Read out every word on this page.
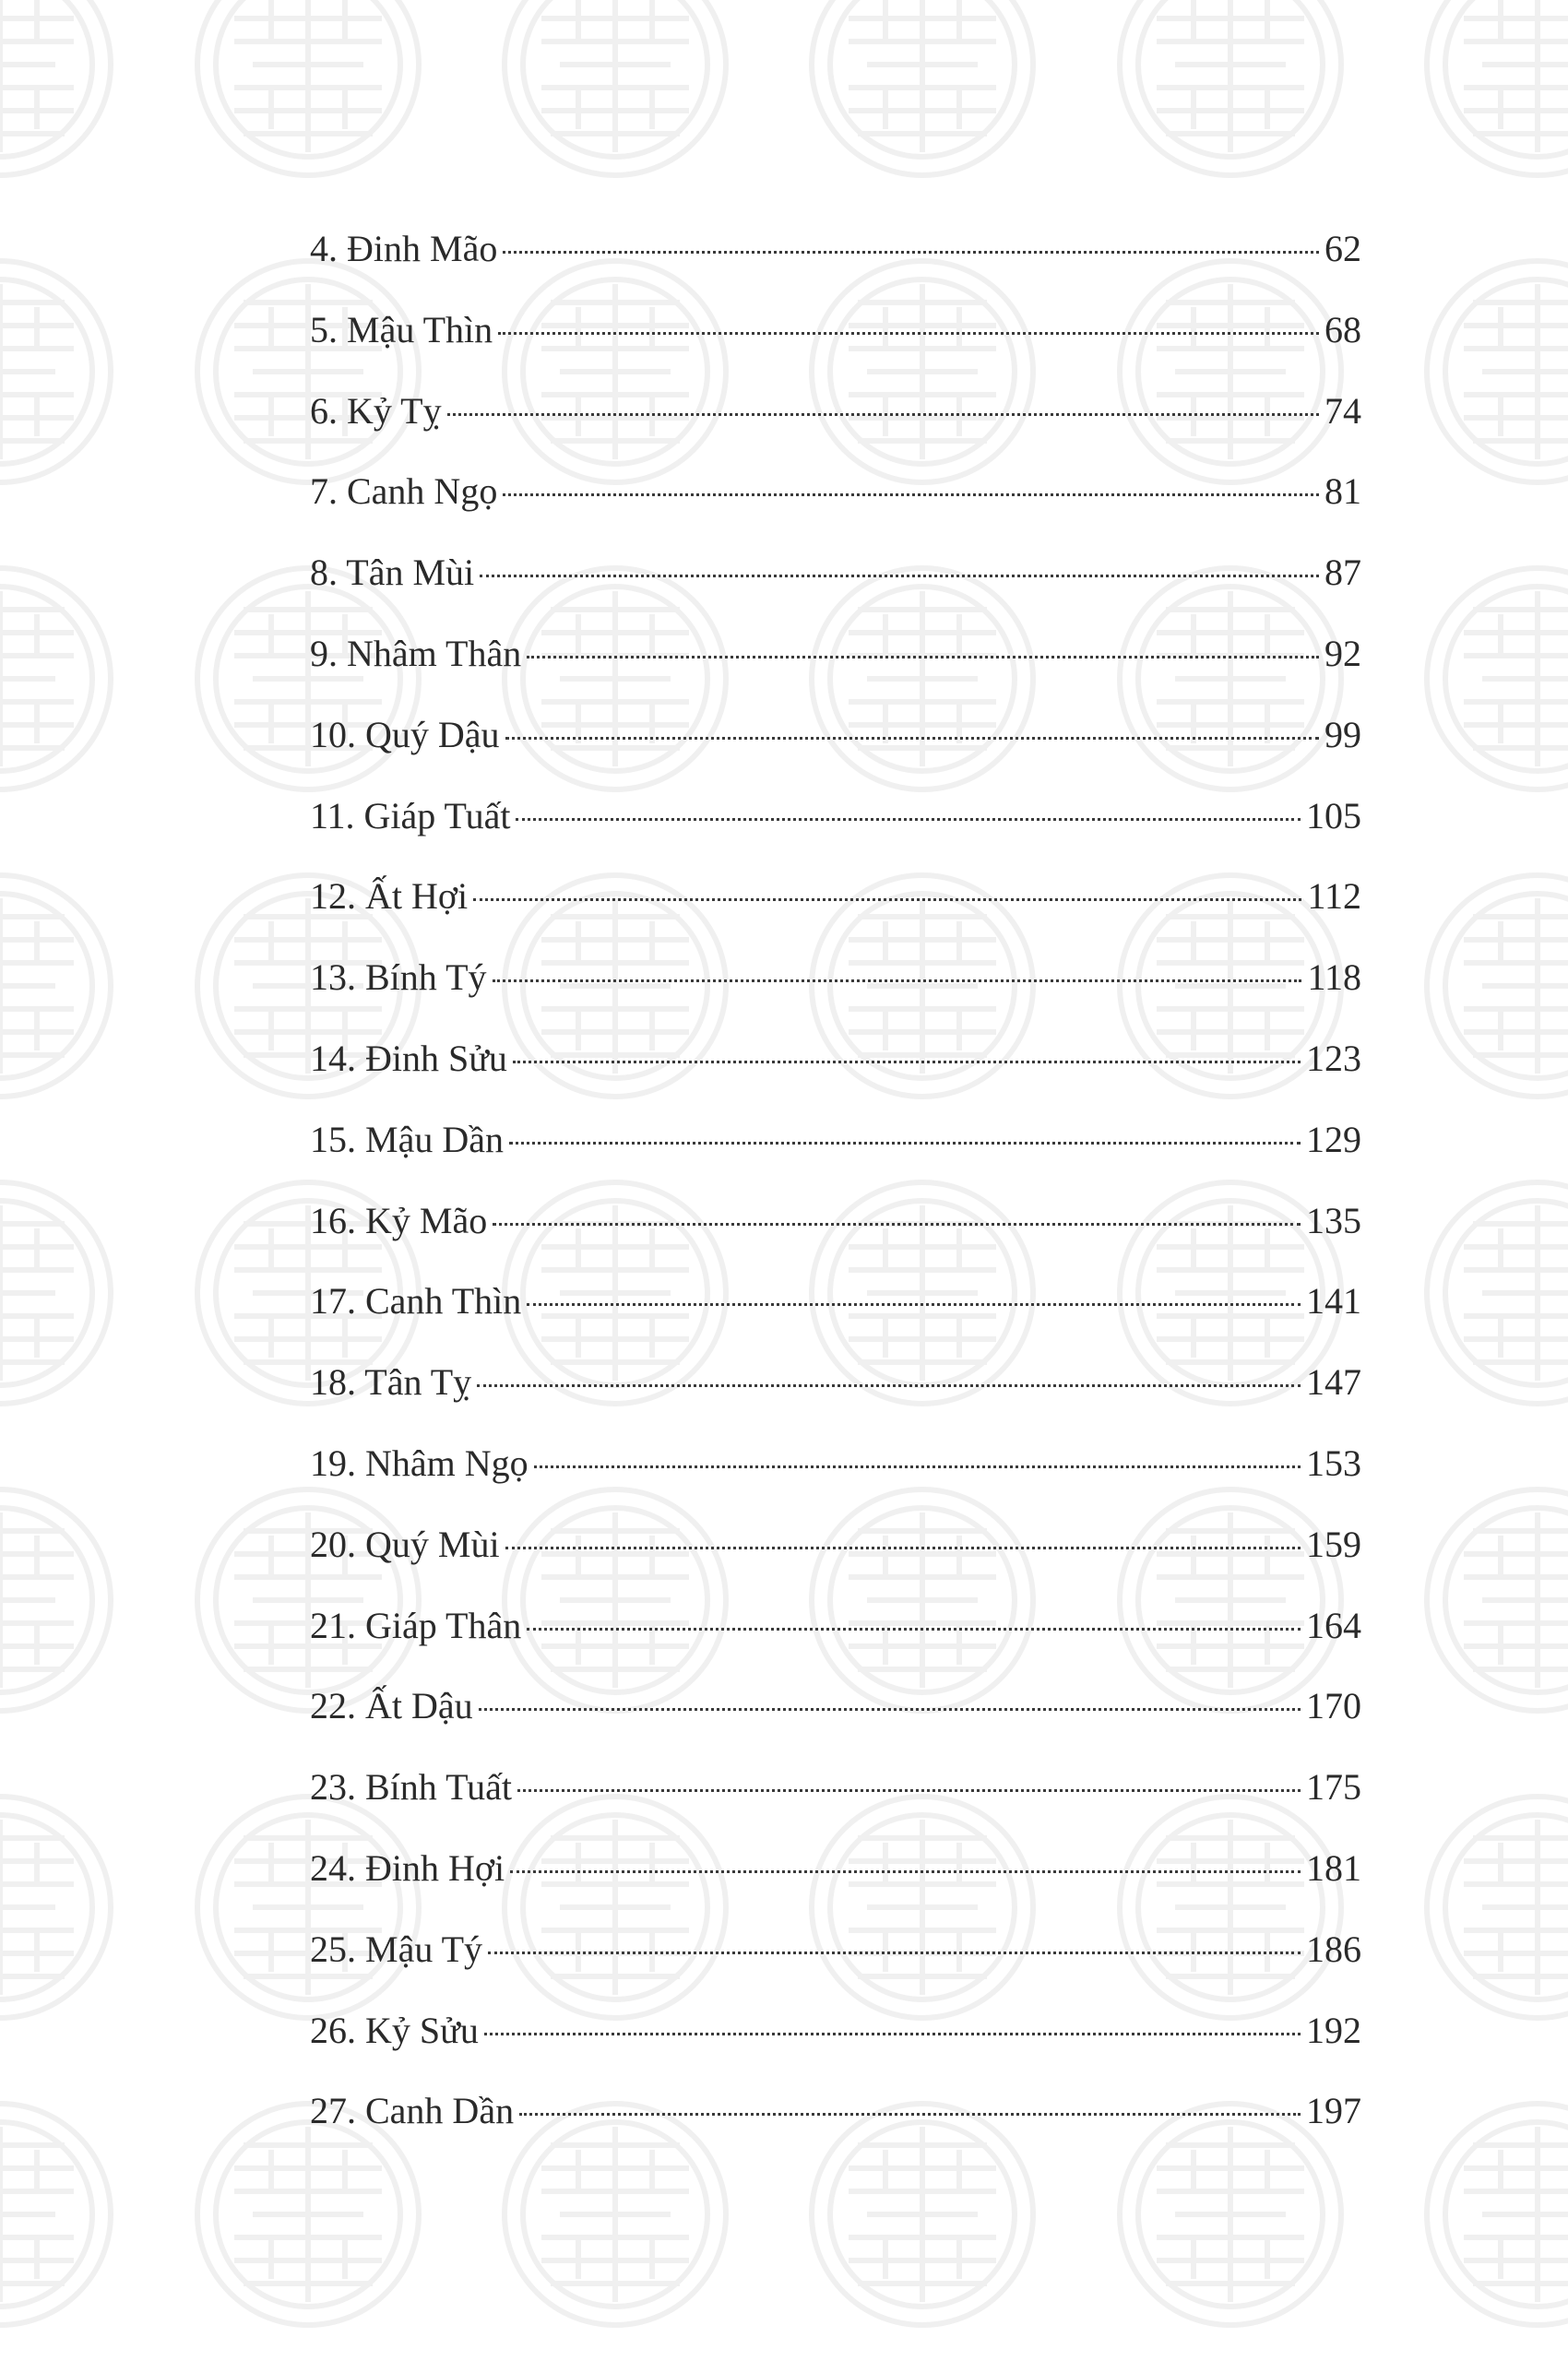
4. Đinh Mão	62
5. Mậu Thìn	68
6. Kỷ Tỵ	74
7. Canh Ngọ	81
8. Tân Mùi	87
9. Nhâm Thân	92
10. Quý Dậu	99
11. Giáp Tuất	105
12. Ất Hợi	112
13. Bính Tý	118
14. Đinh Sửu	123
15. Mậu Dần	129
16. Kỷ Mão	135
17. Canh Thìn	141
18. Tân Tỵ	147
19. Nhâm Ngọ	153
20. Quý Mùi	159
21. Giáp Thân	164
22. Ất Dậu	170
23. Bính Tuất	175
24. Đinh Hợi	181
25. Mậu Tý	186
26. Kỷ Sửu	192
27. Canh Dần	197
